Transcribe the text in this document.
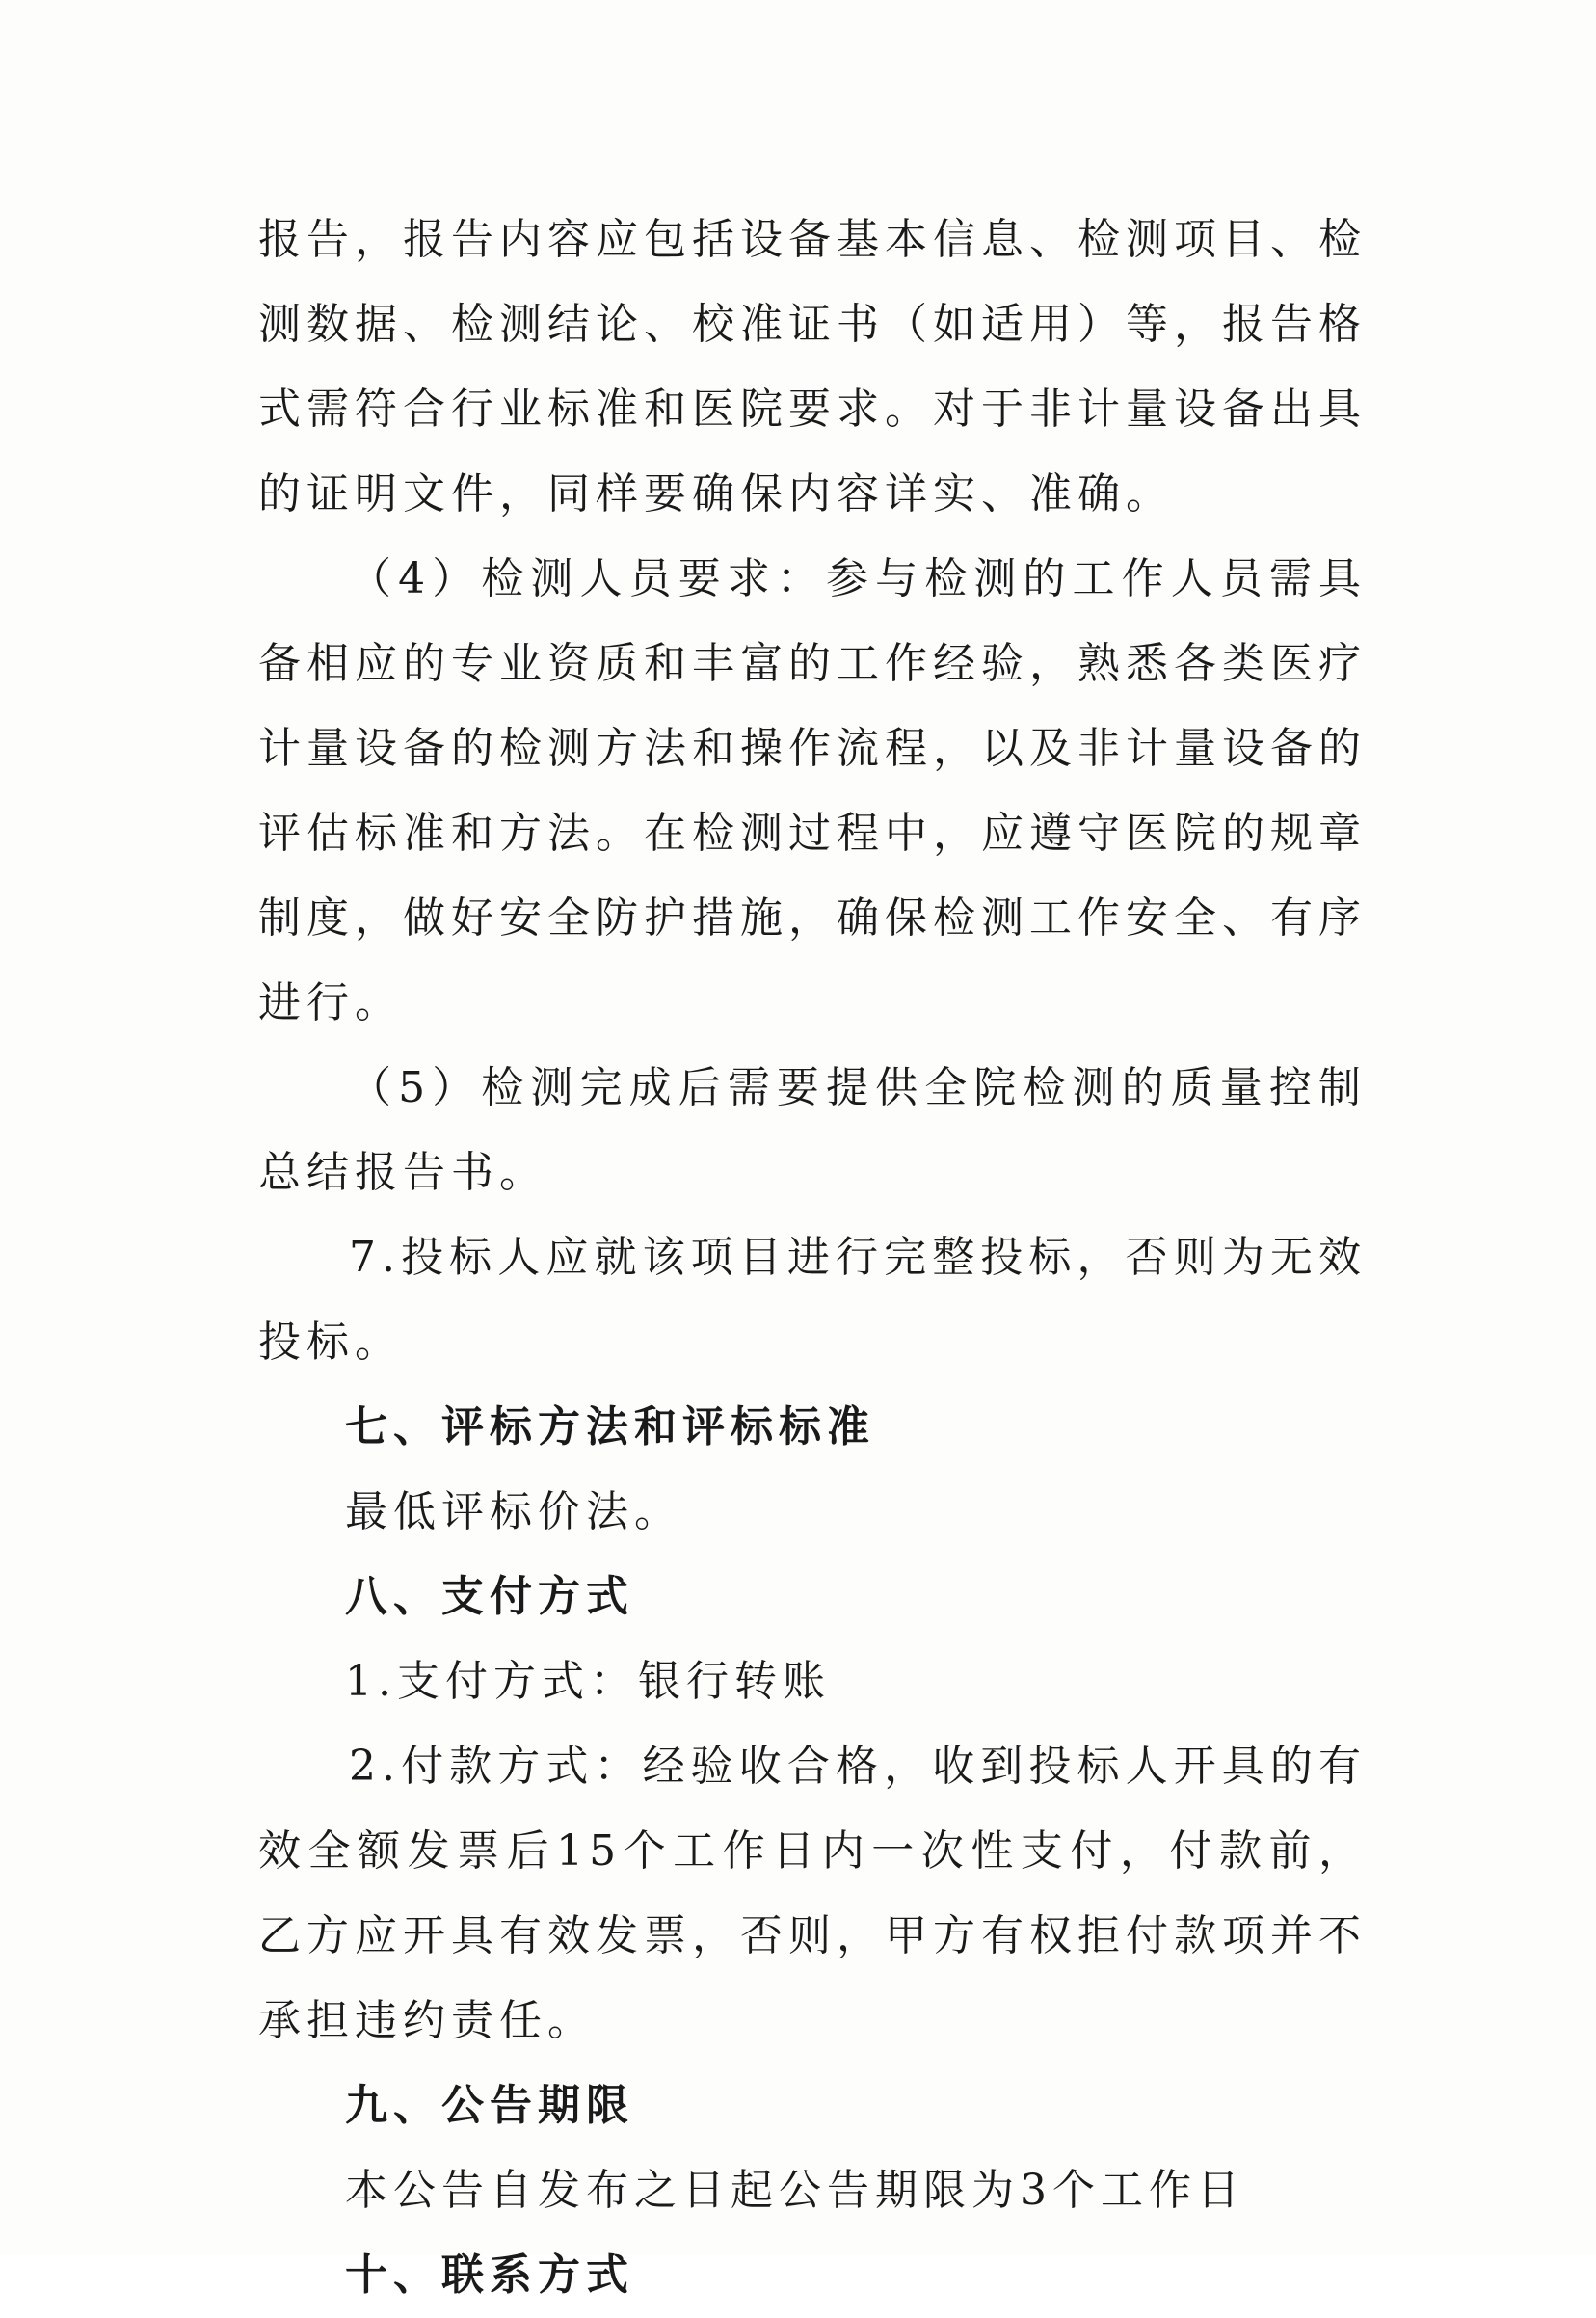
报告，报告内容应包括设备基本信息、检测项目、检测数据、检测结论、校准证书（如适用）等，报告格式需符合行业标准和医院要求。对于非计量设备出具的证明文件，同样要确保内容详实、准确。

（4）检测人员要求：参与检测的工作人员需具备相应的专业资质和丰富的工作经验，熟悉各类医疗计量设备的检测方法和操作流程，以及非计量设备的评估标准和方法。在检测过程中，应遵守医院的规章制度，做好安全防护措施，确保检测工作安全、有序进行。

（5）检测完成后需要提供全院检测的质量控制总结报告书。

7.投标人应就该项目进行完整投标，否则为无效投标。

七、评标方法和评标标准

最低评标价法。

八、支付方式

1.支付方式：银行转账

2.付款方式：经验收合格，收到投标人开具的有效全额发票后15个工作日内一次性支付，付款前，乙方应开具有效发票，否则，甲方有权拒付款项并不承担违约责任。

九、公告期限

本公告自发布之日起公告期限为3个工作日

十、联系方式
